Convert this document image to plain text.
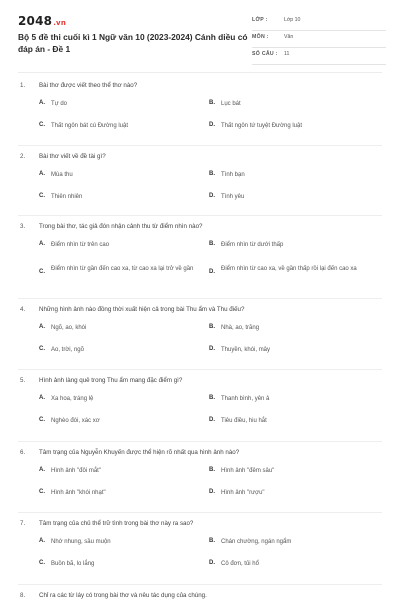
2048.vn
Bộ 5 đề thi cuối kì 1 Ngữ văn 10 (2023-2024) Cánh diều có đáp án - Đề 1
LỚP :	Lớp 10
MÔN :	Văn
SỐ CÂU : 11
1. Bài thơ được viết theo thể thơ nào?
A. Tự do	B. Lục bát
C. Thất ngôn bát cú Đường luật	D. Thất ngôn tứ tuyệt Đường luật
2. Bài thơ viết về đề tài gì?
A. Mùa thu	B. Tình bạn
C. Thiên nhiên	D. Tình yêu
3. Trong bài thơ, tác giả đón nhận cảnh thu từ điểm nhìn nào?
A. Điểm nhìn từ trên cao	B. Điểm nhìn từ dưới thấp
C. Điểm nhìn từ gần đến cao xa, từ cao xa lại trở về gần	D. Điểm nhìn từ cao xa, về gần thấp rồi lại đến cao xa
4. Những hình ảnh nào đồng thời xuất hiện cả trong bài Thu ẩm và Thu điếu?
A. Ngõ, ao, khói	B. Nhà, ao, trăng
C. Ao, trời, ngõ	D. Thuyền, khói, mây
5. Hình ảnh làng quê trong Thu ẩm mang đặc điểm gì?
A. Xa hoa, tráng lệ	B. Thanh bình, yên ả
C. Nghèo đói, xác xơ	D. Tiêu điều, hiu hắt
6. Tâm trạng của Nguyễn Khuyến được thể hiện rõ nhất qua hình ảnh nào?
A. Hình ảnh "đôi mắt"	B. Hình ảnh "đêm sâu"
C. Hình ảnh "khói nhạt"	D. Hình ảnh "rượu"
7. Tâm trạng của chủ thể trữ tình trong bài thơ này ra sao?
A. Nhớ nhung, sầu muộn	B. Chán chường, ngán ngẩm
C. Buồn bã, lo lắng	D. Cô đơn, tủi hổ
8. Chỉ ra các từ láy có trong bài thơ và nêu tác dụng của chúng.
